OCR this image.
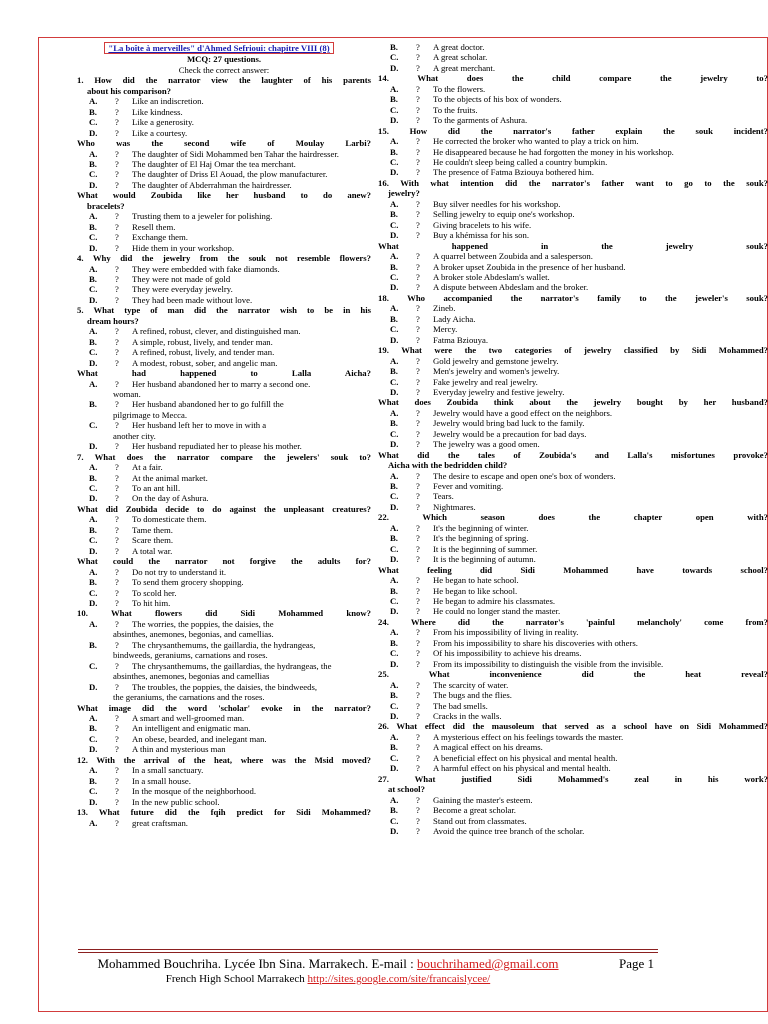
"La boîte à merveilles" d'Ahmed Sefrioui: chapitre VIII (8)
MCQ: 27 questions.
Check the correct answer:
1. How did the narrator view the laughter of his parents
about his comparison?
A. ? Like an indiscretion.
B. ? Like kindness.
C. ? Like a generosity.
D. ? Like a courtesy.
Who was the second wife of Moulay Larbi?
A. ? The daughter of Sidi Mohammed ben Tahar the hairdresser.
B. ? The daughter of El Haj Omar the tea merchant.
C. ? The daughter of Driss El Aouad, the plow manufacturer.
D. ? The daughter of Abderrahman the hairdresser.
What would Zoubida like her husband to do anew?
bracelets?
A. ? Trusting them to a jeweler for polishing.
B. ? Resell them.
C. ? Exchange them.
D. ? Hide them in your workshop.
4. Why did the jewelry from the souk not resemble flowers?
A. ? They were embedded with fake diamonds.
B. ? They were not made of gold
C. ? They were everyday jewelry.
D. ? They had been made without love.
5. What type of man did the narrator wish to be in his
dream hours?
A. ? A refined, robust, clever, and distinguished man.
B. ? A simple, robust, lively, and tender man.
C. ? A refined, robust, lively, and tender man.
D. ? A modest, robust, sober, and angelic man.
What had happened to Lalla Aicha?
A. ? Her husband abandoned her to marry a second one.
woman.
B. ? Her husband abandoned her to go fulfill the
pilgrimage to Mecca.
C. ? Her husband left her to move in with a
another city.
D. ? Her husband repudiated her to please his mother.
7. What does the narrator compare the jewelers' souk to?
A. ? At a fair.
B. ? At the animal market.
C. ? To an ant hill.
D. ? On the day of Ashura.
What did Zoubida decide to do against the unpleasant creatures?
A. ? To domesticate them.
B. ? Tame them.
C. ? Scare them.
D. ? A total war.
What could the narrator not forgive the adults for?
A. ? Do not try to understand it.
B. ? To send them grocery shopping.
C. ? To scold her.
D. ? To hit him.
10.	What flowers did Sidi Mohammed know?
A. ? The worries, the poppies, the daisies, the
absinthes, anemones, begonias, and camellias.
B. ? The chrysanthemums, the gaillardia, the hydrangeas,
bindweeds, geraniums, carnations and roses.
C. ? The chrysanthemums, the gaillardias, the hydrangeas, the
absinthes, anemones, begonias and camellias
D. ? The troubles, the poppies, the daisies, the bindweeds,
the geraniums, the carnations and the roses.
What image did the word 'scholar' evoke in the narrator?
A. ? A smart and well-groomed man.
B. ? An intelligent and enigmatic man.
C. ? An obese, bearded, and inelegant man.
D. ? A thin and mysterious man
12. With the arrival of the heat, where was the Msid moved?
A. ? In a small sanctuary.
B. ? In a small house.
C. ? In the mosque of the neighborhood.
D. ? In the new public school.
13. What future did the fqih predict for Sidi Mohammed?
A. ? great craftsman.
B. ? A great doctor.
C. ? A great scholar.
D. ? A great merchant.
14.	What does the child compare the jewelry to?
A. ? To the flowers.
B. ? To the objects of his box of wonders.
C. ? To the fruits.
D. ? To the garments of Ashura.
15. How did the narrator's father explain the souk incident?
A. ? He corrected the broker who wanted to play a trick on him.
B. ? He disappeared because he had forgotten the money in his workshop.
C. ? He couldn't sleep being called a country bumpkin.
D. ? The presence of Fatma Bziouya bothered him.
16. With what intention did the narrator's father want to go to the souk?
jewelry?
A. ? Buy silver needles for his workshop.
B. ? Selling jewelry to equip one's workshop.
C. ? Giving bracelets to his wife.
D. ? Buy a khémissa for his son.
What happened in the jewelry souk?
A. ? A quarrel between Zoubida and a salesperson.
B. ? A broker upset Zoubida in the presence of her husband.
C. ? A broker stole Abdeslam's wallet.
D. ? A dispute between Abdeslam and the broker.
18. Who accompanied the narrator's family to the jeweler's souk?
A. ? Zineb.
B. ? Lady Aicha.
C. ? Mercy.
D. ? Fatma Bziouya.
19. What were the two categories of jewelry classified by Sidi Mohammed?
A. ? Gold jewelry and gemstone jewelry.
B. ? Men's jewelry and women's jewelry.
C. ? Fake jewelry and real jewelry.
D. ? Everyday jewelry and festive jewelry.
What does Zoubida think about the jewelry bought by her husband?
A. ? Jewelry would have a good effect on the neighbors.
B. ? Jewelry would bring bad luck to the family.
C. ? Jewelry would be a precaution for bad days.
D. ? The jewelry was a good omen.
What did the tales of Zoubida's and Lalla's misfortunes provoke?
Aicha with the bedridden child?
A. ? The desire to escape and open one's box of wonders.
B. ? Fever and vomiting.
C. ? Tears.
D. ? Nightmares.
22.	Which season does the chapter open with?
A. ? It's the beginning of winter.
B. ? It's the beginning of spring.
C. ? It is the beginning of summer.
D. ? It is the beginning of autumn.
What feeling did Sidi Mohammed have towards school?
A. ? He began to hate school.
B. ? He began to like school.
C. ? He began to admire his classmates.
D. ? He could no longer stand the master.
24.	Where did the narrator's 'painful melancholy' come from?
A. ? From his impossibility of living in reality.
B. ? From his impossibility to share his discoveries with others.
C. ? Of his impossibility to achieve his dreams.
D. ? From its impossibility to distinguish the visible from the invisible.
25.	What inconvenience did the heat reveal?
A. ? The scarcity of water.
B. ? The bugs and the flies.
C. ? The bad smells.
D. ? Cracks in the walls.
26. What effect did the mausoleum that served as a school have on Sidi Mohammed?
A. ? A mysterious effect on his feelings towards the master.
B. ? A magical effect on his dreams.
C. ? A beneficial effect on his physical and mental health.
D. ? A harmful effect on his physical and mental health.
27.	What justified Sidi Mohammed's zeal in his work?
at school?
A. ? Gaining the master's esteem.
B. ? Become a great scholar.
C. ? Stand out from classmates.
D. ? Avoid the quince tree branch of the scholar.
Mohammed Bouchriha. Lycée Ibn Sina. Marrakech. E-mail : bouchrihamed@gmail.com	Page 1
French High School Marrakech http://sites.google.com/site/francaislycee/
